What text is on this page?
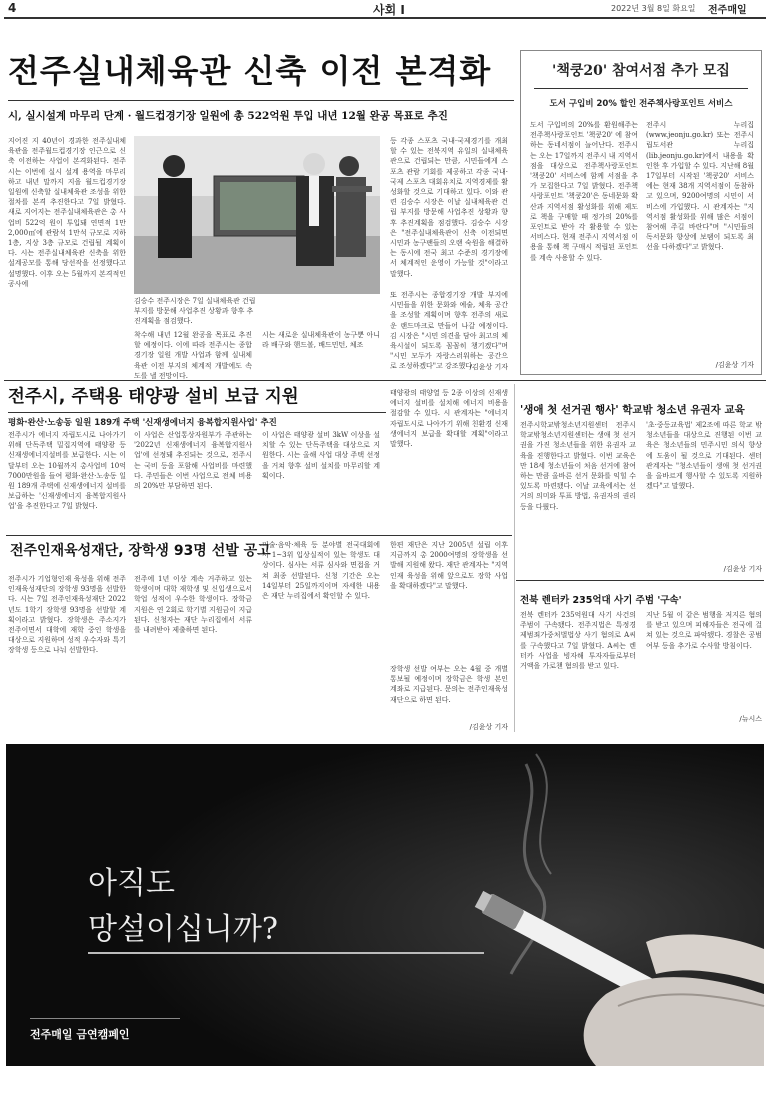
4	사회 I	2022년 3월 8일 화요일 전주매일
전주실내체육관 신축 이전 본격화
시, 실시설계 마무리 단계 · 월드컵경기장 일원에 총 522억원 투입 내년 12월 완공 목표로 추진
지어진 지 40년이 경과한 전주실내체육관을 전주월드컵경기장 인근으로 신축 이전하는 사업이 본격화된다. 전주시는 이번에 실시 설계 용역을 마무리하고 내년 말까지 지을 월드컵경기장 일원에 신축할 실내체육관 조성을 위한 절차를 본격 추진한다고 7일 밝혔다. 새로 지어지는 전주실내체육관은 총 사업비 522억 원이 투입돼 연면적 1만2,000㎡에 관람석 1만석 규모로 지하 1층, 지상 3층 규모로 건립될 계획이다. 시는 전주실내체육관 신축을 위한 설계공모를 통해 당선작을 선정했다고 설명했다. 이후 오는 5월까지 본격적인 공사에
김승수 전주시장은 7일 실내체육관 건립 부지를 방문해 사업추진 상황과 향후 추진계획을 점검했다.
착수해 내년 12월 완공을 목표로 추진할 예정이다. 이에 따라 전주시는 종합경기장 일원 개발 사업과 함께 실내체육관 이전 부지의 체계적 개발에도 속도를 낼 전망이다.
시는 새로운 실내체육관이 농구뿐 아니라 배구와 핸드볼, 배드민턴, 체조
등 각종 스포츠 국내·국제경기를 개최할 수 있는 전북지역 유일의 실내체육관으로 건립되는 만큼, 시민들에게 스포츠 관람 기회를 제공하고 각종 국내·국제 스포츠 대회유치로 지역경제를 활성화할 것으로 기대하고 있다. 이와 관련 김승수 시장은 이날 실내체육관 건립 부지를 방문해 사업추진 상황과 향후 추진계획을 점검했다. 김승수 시장은 "전주실내체육관이 신축 이전되면 시민과 농구팬들의 오랜 숙원을 해결하는 동시에 전국 최고 수준의 경기장에서 체계적인 운영이 가능할 것"이라고 말했다.
또 전주시는 종합경기장 개발 부지에 시민들을 위한 문화와 예술, 체육 공간을 조성할 계획이며 향후 전주의 새로운 랜드마크로 만들어 나갈 예정이다. 김 시장은 "시민 의견을 담아 최고의 체육시설이 되도록 꼼꼼히 챙기겠다"며 "시민 모두가 자랑스러워하는 공간으로 조성하겠다"고 강조했다.
/김윤상 기자
'책쿵20' 참여서점 추가 모집
도서 구입비 20% 할인 전주책사랑포인트 서비스
도서 구입비의 20%를 환원해주는 전주책사랑포인트 '책쿵20' 에 참여하는 동네서점이 늘어난다. 전주시는 오는 17일까지 전주시 내 지역서점을 대상으로 전주책사랑포인트 '책쿵20' 서비스에 함께 서점을 추가 모집한다고 7일 밝혔다. 전주책사랑포인트 '책쿵20'은 동네문화 확산과 지역서점 활성화를 위해 제도로 책을 구매할 때 정가의 20%를 포인트로 받아 각 활용할 수 있는 서비스다. 현재 전주시 지역서점 이용을 통해 책 구매시 적립된 포인트를 계속 사용할 수 있다.
전주시 누리집(www.jeonju.go.kr) 또는 전주시립도서관 누리집 (lib.jeonju.go.kr)에서 내용을 확인한 후 가입할 수 있다. 지난해 8월 17일부터 시작된 '책쿵20' 서비스에는 현재 38개 지역서점이 동참하고 있으며, 9200여명의 시민이 서비스에 가입했다. 시 관계자는 "지역서점 활성화를 위해 많은 서점이 참여해 주길 바란다"며 "시민들의 독서문화 향상에 보탬이 되도록 최선을 다하겠다"고 밝혔다.
/김윤상 기자
전주시, 주택용 태양광 설비 보급 지원
평화·완산·노송동 일원 189개 주택 '신재생에너지 융복합지원사업' 추진
전주시가 에너지 자립도시로 나아가기 위해 단독주택 밀집지역에 태양광 등 신재생에너지설비를 보급한다. 시는 이달부터 오는 10월까지 총사업비 10억7000만원을 들여 평화·완산·노송동 일원 189개 주택에 신재생에너지 설비를 보급하는 '신재생에너지 융복합지원사업'을 추진한다고 7일 밝혔다.
이 사업은 산업통상자원부가 주관하는 '2022년 신재생에너지 융복합지원사업'에 선정돼 추진되는 것으로, 전주시는 국비 등을 포함해 사업비를 마련했다. 주민들은 이번 사업으로 전체 비용의 20%만 부담하면 된다.
이 사업은 태양광 설비 3kW 이상을 설치할 수 있는 단독주택을 대상으로 지원한다. 시는 올해 사업 대상 주택 선정을 거쳐 향후 설비 설치를 마무리할 계획이다.
태양광의 태양열 등 2종 이상의 신재생에너지 설비를 설치해 에너지 비용을 절감할 수 있다. 시 관계자는 "에너지 자립도시로 나아가기 위해 친환경 신재생에너지 보급을 확대할 계획"이라고 말했다.
'생애 첫 선거권 행사' 학교밖 청소년 유권자 교육
전주시학교밖청소년지원센터 전주시학교밖청소년지원센터는 생애 첫 선거권을 가진 청소년들을 위한 유권자 교육을 진행한다고 밝혔다. 이번 교육은 만 18세 청소년들이 처음 선거에 참여하는 만큼 올바른 선거 문화를 익힐 수 있도록 마련됐다. 이날 교육에서는 선거의 의미와 투표 방법, 유권자의 권리 등을 다뤘다.
'초·중등교육법' 제2조에 따른 학교 밖 청소년들을 대상으로 진행된 이번 교육은 청소년들의 민주시민 의식 향상에 도움이 될 것으로 기대된다. 센터 관계자는 "청소년들이 생애 첫 선거권을 올바르게 행사할 수 있도록 지원하겠다"고 말했다.
/김윤상 기자
전주인재육성재단, 장학생 93명 선발 공고
전주시가 기업형인재 육성을 위해 전주인재육성재단의 장학생 93명을 선발한다. 시는 7일 전주인재육성재단 2022년도 1학기 장학생 93명을 선발할 계획이라고 밝혔다. 장학생은 주소지가 전주이면서 대학에 재학 중인 학생을 대상으로 지원하며 성적 우수자와 특기 장학생 등으로 나눠 선발한다.
전주에 1년 이상 계속 거주하고 있는 학생이며 대학 재학생 및 신입생으로서 학업 성적이 우수한 학생이다. 장학금 지원은 연 2회로 학기별 지원금이 지급된다. 신청자는 재단 누리집에서 서류를 내려받아 제출하면 된다.
미술·음악·체육 등 분야별 전국대회에서 1~3위 입상실적이 있는 학생도 대상이다. 심사는 서류 심사와 면접을 거쳐 최종 선발된다. 신청 기간은 오는 14일부터 25일까지이며 자세한 내용은 재단 누리집에서 확인할 수 있다.
한편 재단은 지난 2005년 설립 이후 지금까지 총 2000여명의 장학생을 선발해 지원해 왔다. 재단 관계자는 "지역 인재 육성을 위해 앞으로도 장학 사업을 확대하겠다"고 말했다.
장학생 선발 여부는 오는 4월 중 개별 통보될 예정이며 장학금은 학생 본인 계좌로 지급된다. 문의는 전주인재육성재단으로 하면 된다.
/김윤상 기자
전북 렌터카 235억대 사기 주범 '구속'
전북 렌터카 235억원대 사기 사건의 주범이 구속됐다. 전주지법은 특정경제범죄가중처벌법상 사기 혐의로 A씨를 구속했다고 7일 밝혔다. A씨는 렌터카 사업을 빙자해 투자자들로부터 거액을 가로챈 혐의를 받고 있다.
지난 5월 이 같은 범행을 저지른 혐의를 받고 있으며 피해자들은 전국에 걸쳐 있는 것으로 파악됐다. 경찰은 공범 여부 등을 추가로 수사할 방침이다.
/뉴시스
아직도
망설이십니까?
전주매일 금연캠페인
